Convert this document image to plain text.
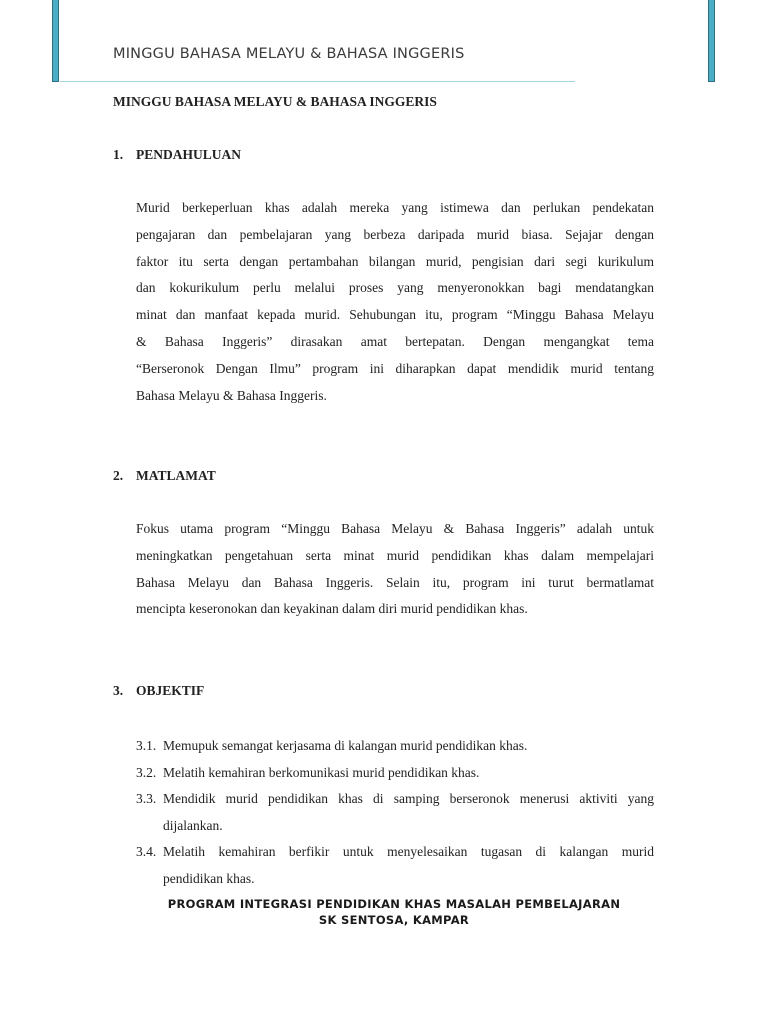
MINGGU BAHASA MELAYU & BAHASA INGGERIS
MINGGU BAHASA MELAYU & BAHASA INGGERIS
1. PENDAHULUAN

Murid berkeperluan khas adalah mereka yang istimewa dan perlukan pendekatan
pengajaran dan pembelajaran yang berbeza daripada murid biasa. Sejajar dengan
faktor itu serta dengan pertambahan bilangan murid, pengisian dari segi kurikulum
dan kokurikulum perlu melalui proses yang menyeronokkan bagi mendatangkan
minat dan manfaat kepada murid. Sehubungan itu, program “Minggu Bahasa Melayu
& Bahasa Inggeris” dirasakan amat bertepatan. Dengan mengangkat tema
“Berseronok Dengan Ilmu” program ini diharapkan dapat mendidik murid tentang
Bahasa Melayu & Bahasa Inggeris.

2. MATLAMAT

Fokus utama program “Minggu Bahasa Melayu & Bahasa Inggeris” adalah untuk
meningkatkan pengetahuan serta minat murid pendidikan khas dalam mempelajari
Bahasa Melayu dan Bahasa Inggeris. Selain itu, program ini turut bermatlamat
mencipta keseronokan dan keyakinan dalam diri murid pendidikan khas.

3. OBJEKTIF
3.1. Memupuk semangat kerjasama di kalangan murid pendidikan khas.
3.2. Melatih kemahiran berkomunikasi murid pendidikan khas.
3.3. Mendidik murid pendidikan khas di samping berseronok menerusi aktiviti yang
dijalankan.
3.4. Melatih kemahiran berfikir untuk menyelesaikan tugasan di kalangan murid
pendidikan khas.
PROGRAM INTEGRASI PENDIDIKAN KHAS MASALAH PEMBELAJARAN
SK SENTOSA, KAMPAR
